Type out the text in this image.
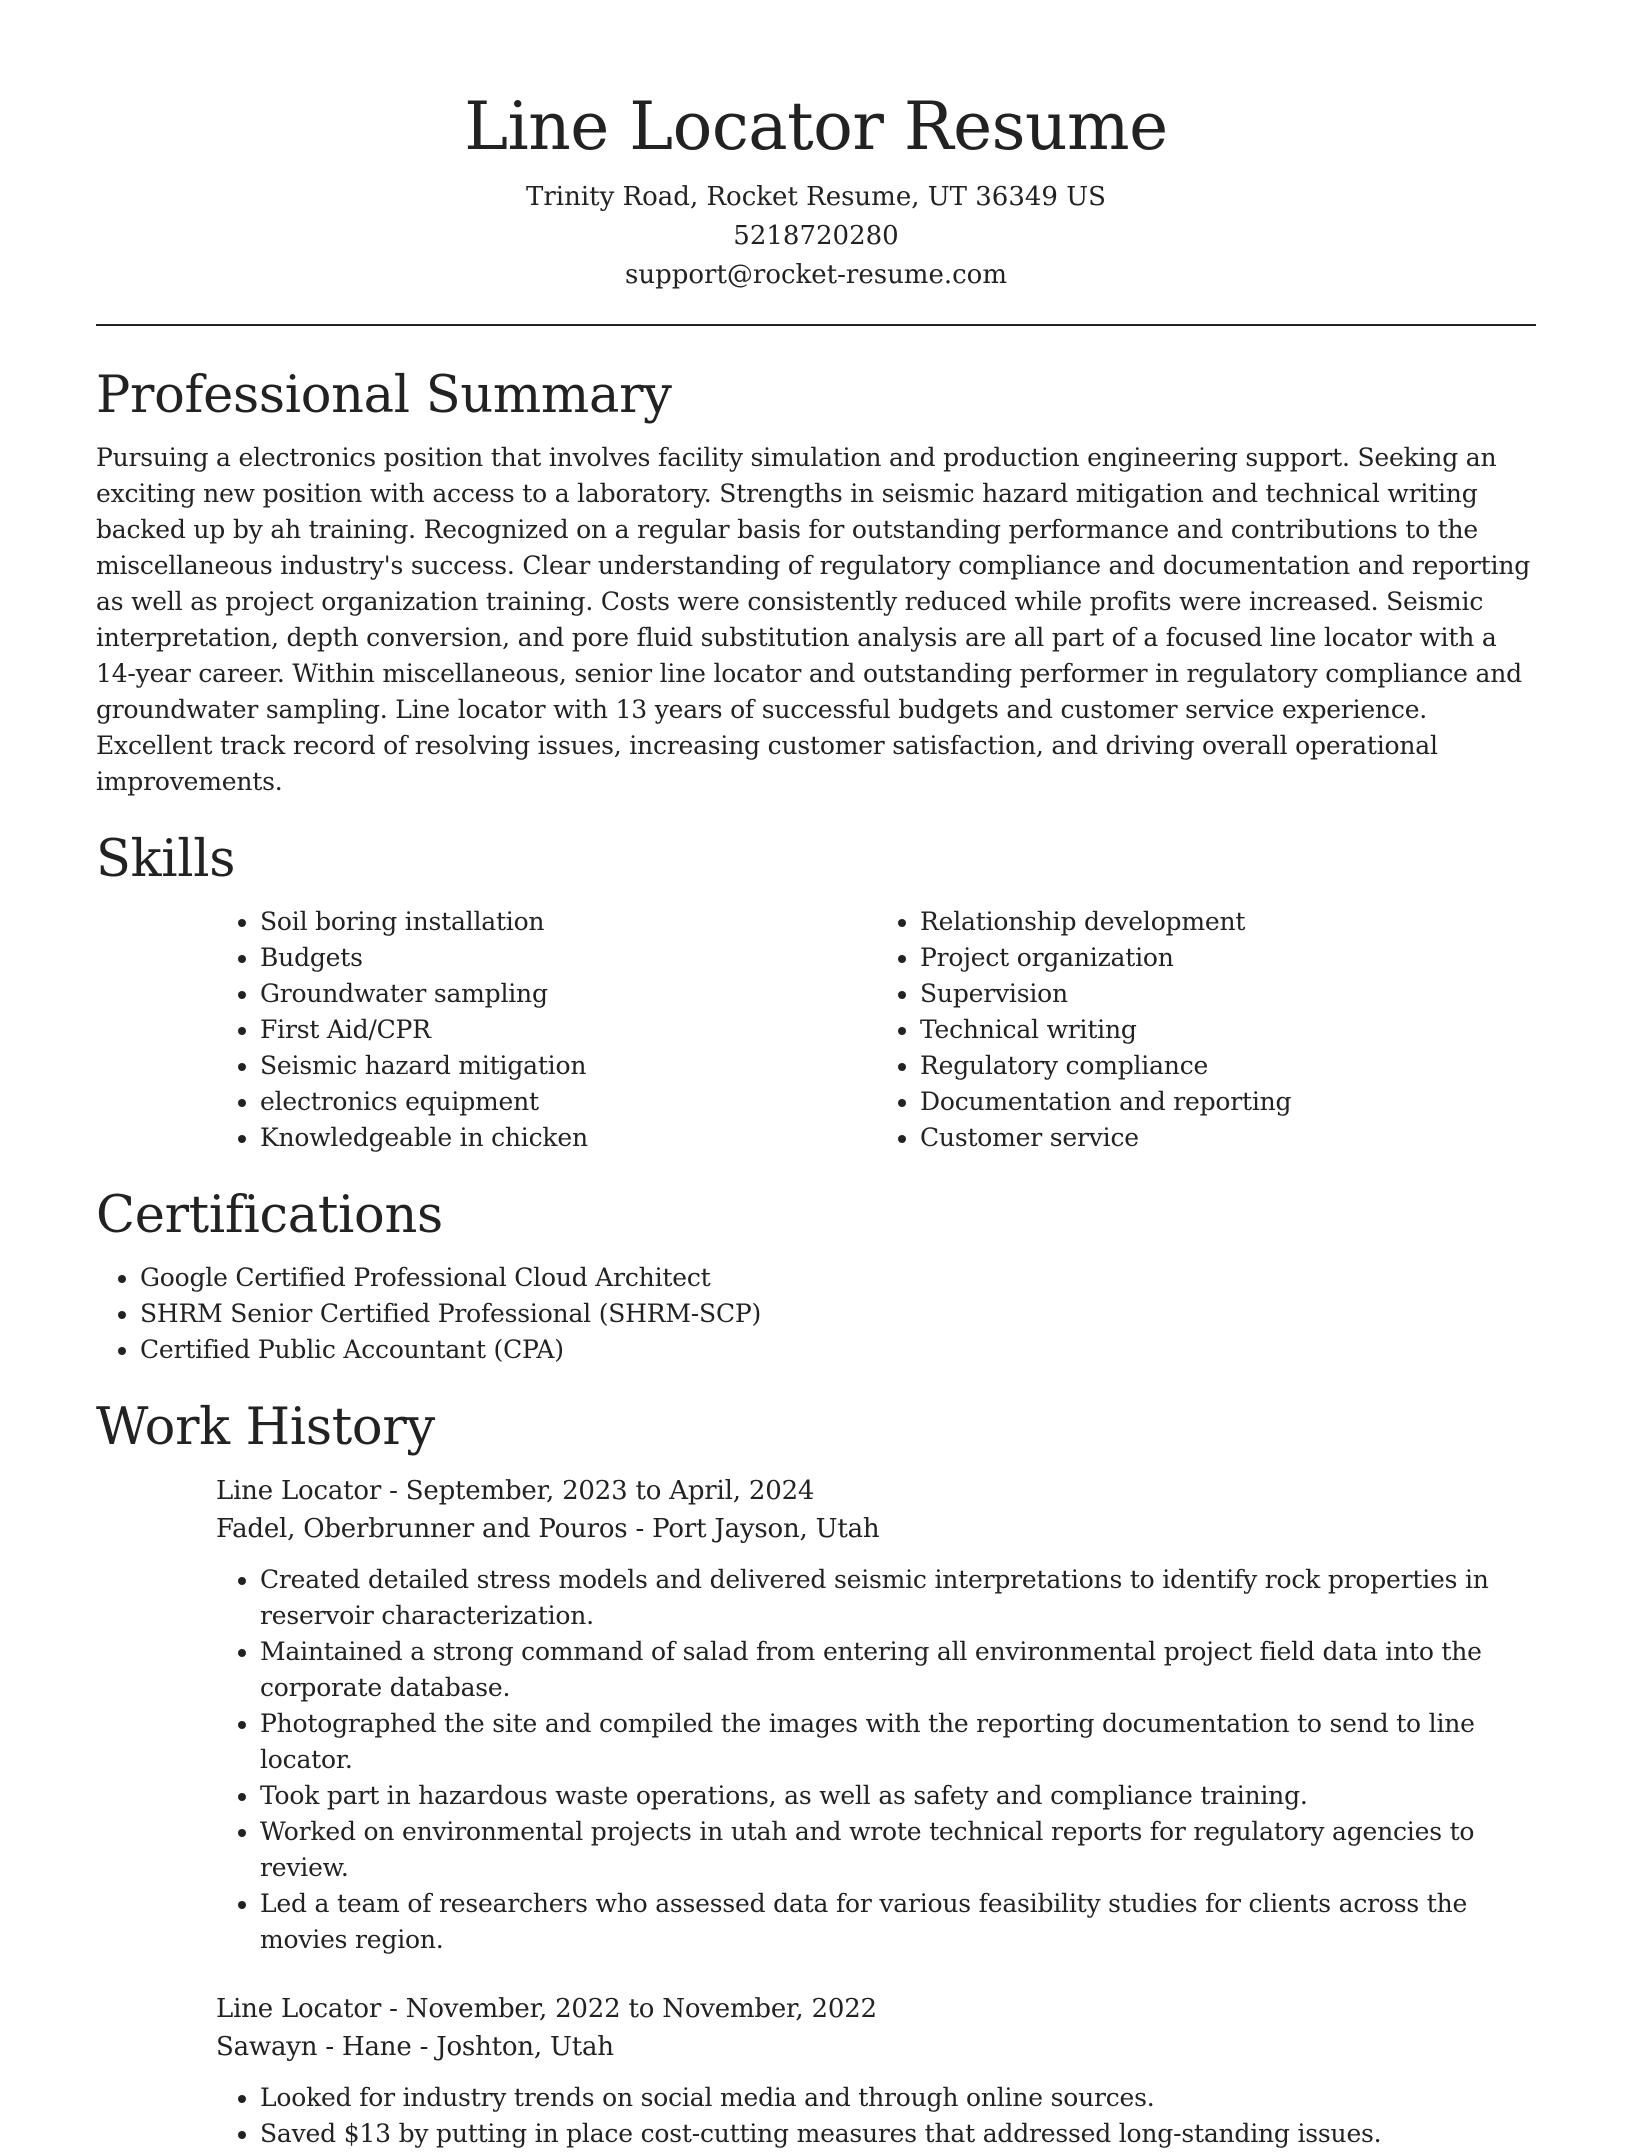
Line Locator Resume
Trinity Road, Rocket Resume, UT 36349 US
5218720280
support@rocket-resume.com
Professional Summary

Pursuing a electronics position that involves facility simulation and production engineering support. Seeking an exciting new position with access to a laboratory. Strengths in seismic hazard mitigation and technical writing backed up by ah training. Recognized on a regular basis for outstanding performance and contributions to the miscellaneous industry's success. Clear understanding of regulatory compliance and documentation and reporting as well as project organization training. Costs were consistently reduced while profits were increased. Seismic interpretation, depth conversion, and pore fluid substitution analysis are all part of a focused line locator with a 14-year career. Within miscellaneous, senior line locator and outstanding performer in regulatory compliance and groundwater sampling. Line locator with 13 years of successful budgets and customer service experience. Excellent track record of resolving issues, increasing customer satisfaction, and driving overall operational improvements.

Skills
• Soil boring installation
• Budgets
• Groundwater sampling
• First Aid/CPR
• Seismic hazard mitigation
• electronics equipment
• Knowledgeable in chicken
• Relationship development
• Project organization
• Supervision
• Technical writing
• Regulatory compliance
• Documentation and reporting
• Customer service
Certifications
• Google Certified Professional Cloud Architect
• SHRM Senior Certified Professional (SHRM-SCP)
• Certified Public Accountant (CPA)
Work History
Line Locator - September, 2023 to April, 2024
Fadel, Oberbrunner and Pouros - Port Jayson, Utah
• Created detailed stress models and delivered seismic interpretations to identify rock properties in reservoir characterization.
• Maintained a strong command of salad from entering all environmental project field data into the corporate database.
• Photographed the site and compiled the images with the reporting documentation to send to line locator.
• Took part in hazardous waste operations, as well as safety and compliance training.
• Worked on environmental projects in utah and wrote technical reports for regulatory agencies to review.
• Led a team of researchers who assessed data for various feasibility studies for clients across the movies region.
Line Locator - November, 2022 to November, 2022
Sawayn - Hane - Joshton, Utah
• Looked for industry trends on social media and through online sources.
• Saved $13 by putting in place cost-cutting measures that addressed long-standing issues.
